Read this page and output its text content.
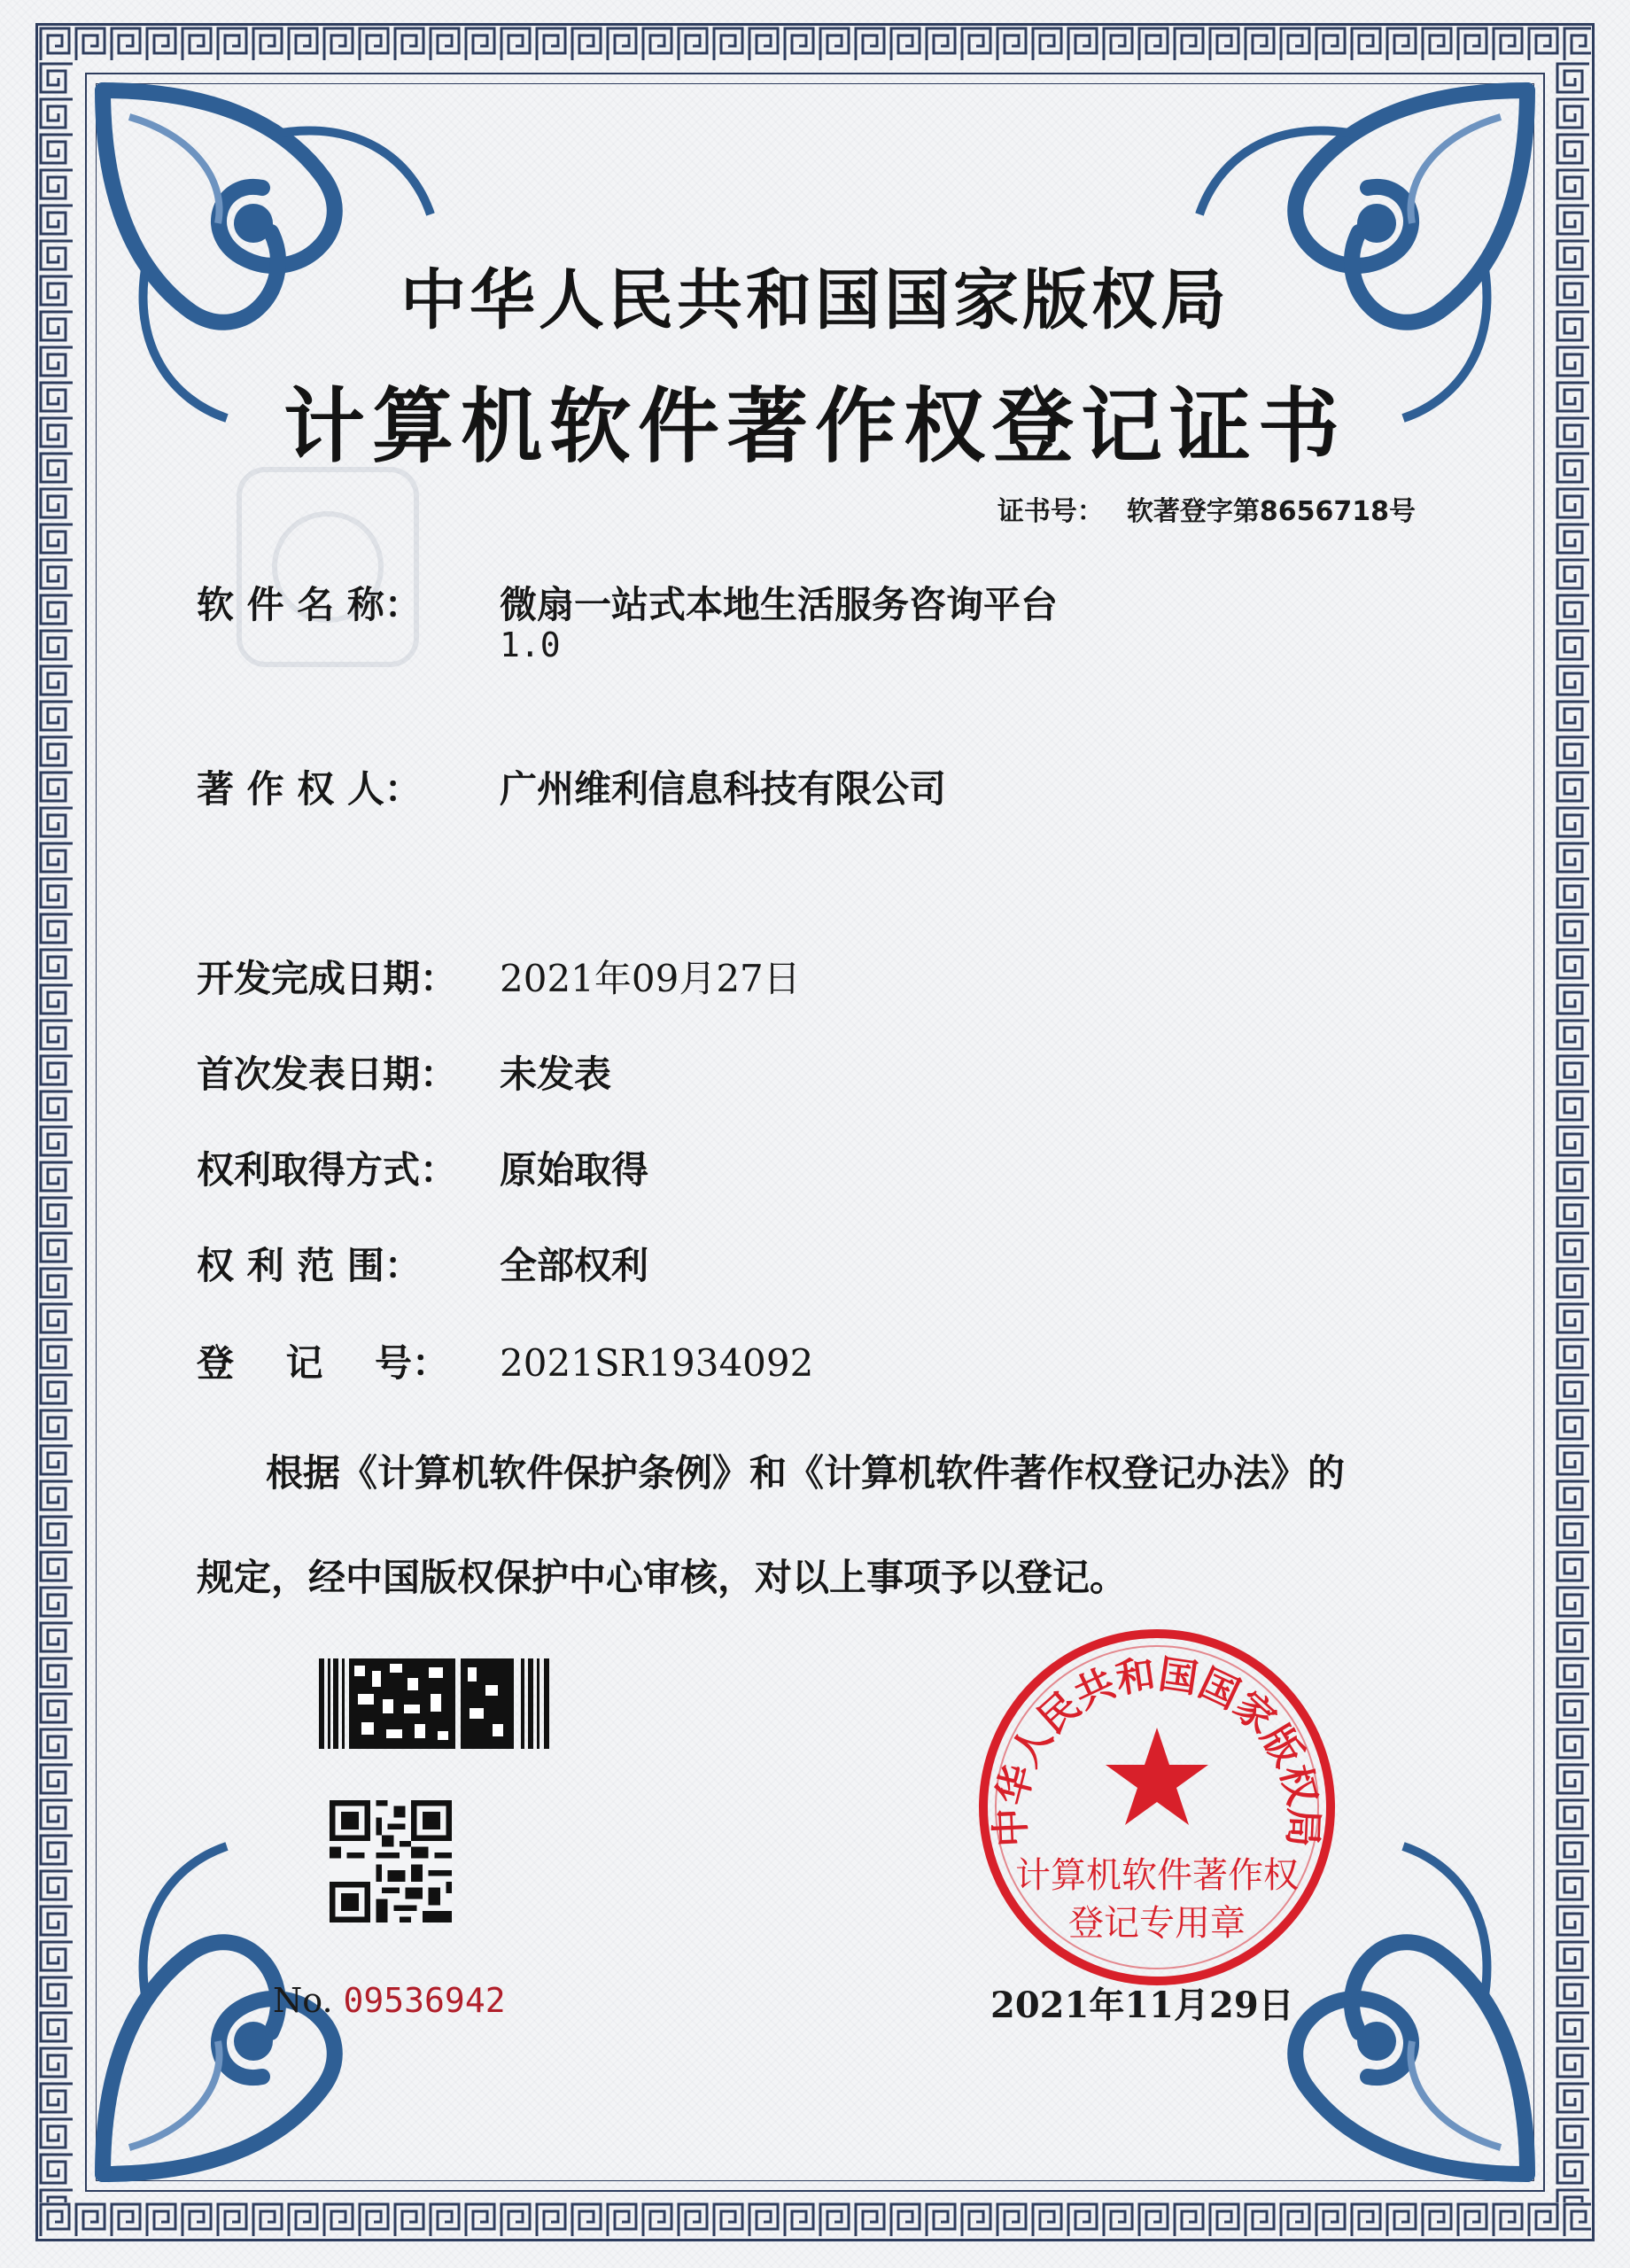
中华人民共和国国家版权局
计算机软件著作权登记证书
证书号： 软著登字第8656718号
软 件 名 称： 微扇一站式本地生活服务咨询平台
1.0
著 作 权 人： 广州维利信息科技有限公司
开发完成日期： 2021年09月27日
首次发表日期： 未发表
权利取得方式： 原始取得
权 利 范 围： 全部权利
登    记    号： 2021SR1934092
根据《计算机软件保护条例》和《计算机软件著作权登记办法》的
规定，经中国版权保护中心审核，对以上事项予以登记。
No. 09536942
中华人民共和国国家版权局
计算机软件著作权
登记专用章
2021年11月29日
